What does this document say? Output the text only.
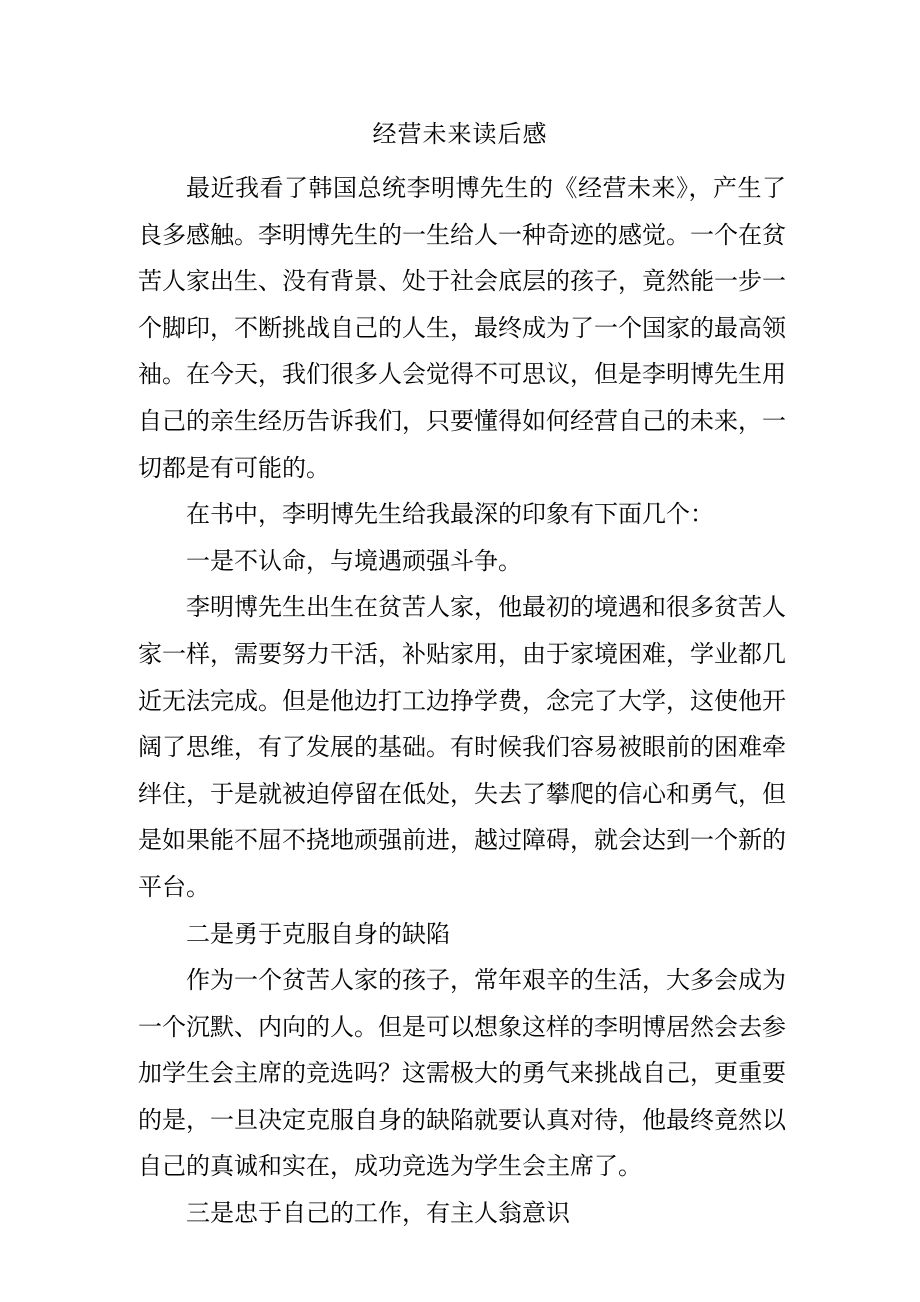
经营未来读后感

最近我看了韩国总统李明博先生的《经营未来》，产生了良多感触。李明博先生的一生给人一种奇迹的感觉。一个在贫苦人家出生、没有背景、处于社会底层的孩子，竟然能一步一个脚印，不断挑战自己的人生，最终成为了一个国家的最高领袖。在今天，我们很多人会觉得不可思议，但是李明博先生用自己的亲生经历告诉我们，只要懂得如何经营自己的未来，一切都是有可能的。

在书中，李明博先生给我最深的印象有下面几个：

一是不认命，与境遇顽强斗争。

李明博先生出生在贫苦人家，他最初的境遇和很多贫苦人家一样，需要努力干活，补贴家用，由于家境困难，学业都几近无法完成。但是他边打工边挣学费，念完了大学，这使他开阔了思维，有了发展的基础。有时候我们容易被眼前的困难牵绊住，于是就被迫停留在低处，失去了攀爬的信心和勇气，但是如果能不屈不挠地顽强前进，越过障碍，就会达到一个新的平台。

二是勇于克服自身的缺陷

作为一个贫苦人家的孩子，常年艰辛的生活，大多会成为一个沉默、内向的人。但是可以想象这样的李明博居然会去参加学生会主席的竞选吗？这需极大的勇气来挑战自己，更重要的是，一旦决定克服自身的缺陷就要认真对待，他最终竟然以自己的真诚和实在，成功竞选为学生会主席了。

三是忠于自己的工作，有主人翁意识
